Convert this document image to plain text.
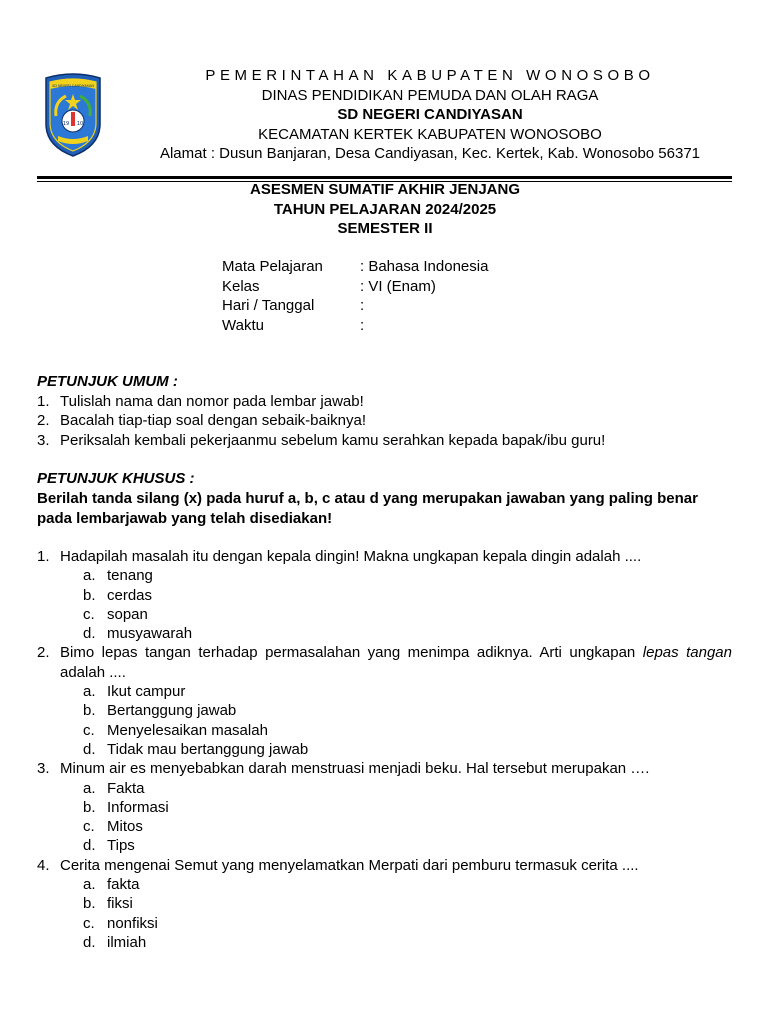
SD NEGERI CANDIYASAN
19 10
PEMERINTAHAN KABUPATEN WONOSOBO
DINAS PENDIDIKAN PEMUDA DAN OLAH RAGA
SD NEGERI CANDIYASAN
KECAMATAN KERTEK KABUPATEN WONOSOBO
Alamat : Dusun Banjaran, Desa Candiyasan, Kec. Kertek, Kab. Wonosobo 56371
ASESMEN SUMATIF AKHIR JENJANG
TAHUN PELAJARAN 2024/2025
SEMESTER II
Mata Pelajaran	: Bahasa Indonesia
Kelas	: VI (Enam)
Hari / Tanggal	:
Waktu	:
PETUNJUK UMUM :
1. Tulislah nama dan nomor pada lembar jawab!
2. Bacalah tiap-tiap soal dengan sebaik-baiknya!
3. Periksalah kembali pekerjaanmu sebelum kamu serahkan kepada bapak/ibu guru!
PETUNJUK KHUSUS :

Berilah tanda silang (x) pada huruf a, b, c atau d yang merupakan jawaban yang paling benar pada lembarjawab yang telah disediakan!

1. Hadapilah masalah itu dengan kepala dingin! Makna ungkapan kepala dingin adalah ....
a. tenang
b. cerdas
c. sopan
d. musyawarah
2. Bimo lepas tangan terhadap permasalahan yang menimpa adiknya. Arti ungkapan lepas tangan adalah ....
a. Ikut campur
b. Bertanggung jawab
c. Menyelesaikan masalah
d. Tidak mau bertanggung jawab
3. Minum air es menyebabkan darah menstruasi menjadi beku. Hal tersebut merupakan ….
a. Fakta
b. Informasi
c. Mitos
d. Tips
4. Cerita mengenai Semut yang menyelamatkan Merpati dari pemburu termasuk cerita ....
a. fakta
b. fiksi
c. nonfiksi
d. ilmiah
